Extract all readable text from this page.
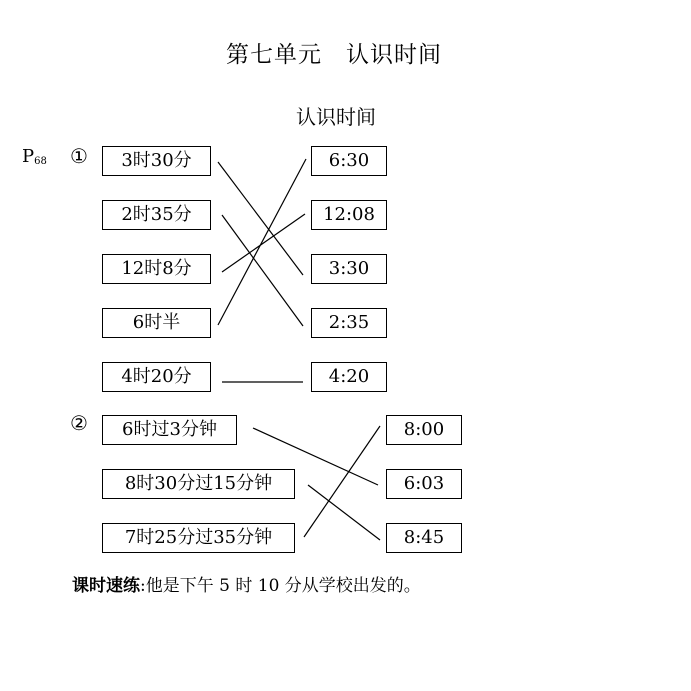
第七单元　认识时间
认识时间
$P_{68}$ ①
②
3时30分
2时35分
12时8分
6时半
4时20分
6:30
12:08
3:30
2:35
4:20
6时过3分钟
8时30分过15分钟
7时25分过35分钟
8:00
6:03
8:45
课时速练:他是下午 5 时 10 分从学校出发的。
